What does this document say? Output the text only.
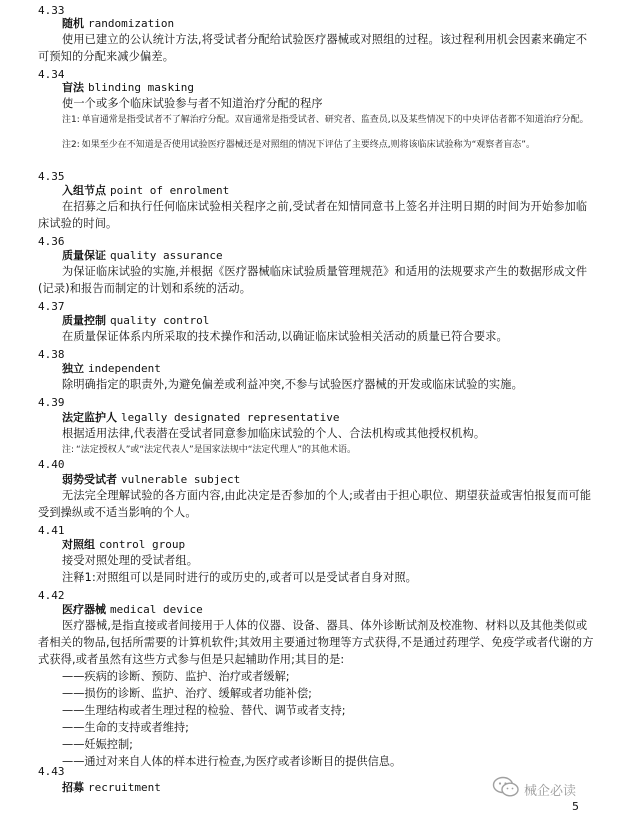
4.33
随机 randomization
使用已建立的公认统计方法,将受试者分配给试验医疗器械或对照组的过程。该过程利用机会因素来确定不可预知的分配来减少偏差。
4.34
盲法 blinding masking
使一个或多个临床试验参与者不知道治疗分配的程序
注1: 单盲通常是指受试者不了解治疗分配。双盲通常是指受试者、研究者、监查员,以及某些情况下的中央评估者都不知道治疗分配。
注2: 如果至少在不知道是否使用试验医疗器械还是对照组的情况下评估了主要终点,则将该临床试验称为“观察者盲态”。
4.35
入组节点 point of enrolment
在招募之后和执行任何临床试验相关程序之前,受试者在知情同意书上签名并注明日期的时间为开始参加临床试验的时间。
4.36
质量保证 quality assurance
为保证临床试验的实施,并根据《医疗器械临床试验质量管理规范》和适用的法规要求产生的数据形成文件(记录)和报告而制定的计划和系统的活动。
4.37
质量控制 quality control
在质量保证体系内所采取的技术操作和活动,以确证临床试验相关活动的质量已符合要求。
4.38
独立 independent
除明确指定的职责外,为避免偏差或利益冲突,不参与试验医疗器械的开发或临床试验的实施。
4.39
法定监护人 legally designated representative
根据适用法律,代表潜在受试者同意参加临床试验的个人、合法机构或其他授权机构。
注: “法定授权人”或“法定代表人”是国家法规中“法定代理人”的其他术语。
4.40
弱势受试者 vulnerable subject
无法完全理解试验的各方面内容,由此决定是否参加的个人;或者由于担心职位、期望获益或害怕报复而可能受到操纵或不适当影响的个人。
4.41
对照组 control group
接受对照处理的受试者组。
注释1:对照组可以是同时进行的或历史的,或者可以是受试者自身对照。
4.42
医疗器械 medical device
医疗器械,是指直接或者间接用于人体的仪器、设备、器具、体外诊断试剂及校准物、材料以及其他类似或者相关的物品,包括所需要的计算机软件;其效用主要通过物理等方式获得,不是通过药理学、免疫学或者代谢的方式获得,或者虽然有这些方式参与但是只起辅助作用;其目的是:
——疾病的诊断、预防、监护、治疗或者缓解;
——损伤的诊断、监护、治疗、缓解或者功能补偿;
——生理结构或者生理过程的检验、替代、调节或者支持;
——生命的支持或者维持;
——妊娠控制;
——通过对来自人体的样本进行检查,为医疗或者诊断目的提供信息。
4.43
招募 recruitment	械企必读
5
